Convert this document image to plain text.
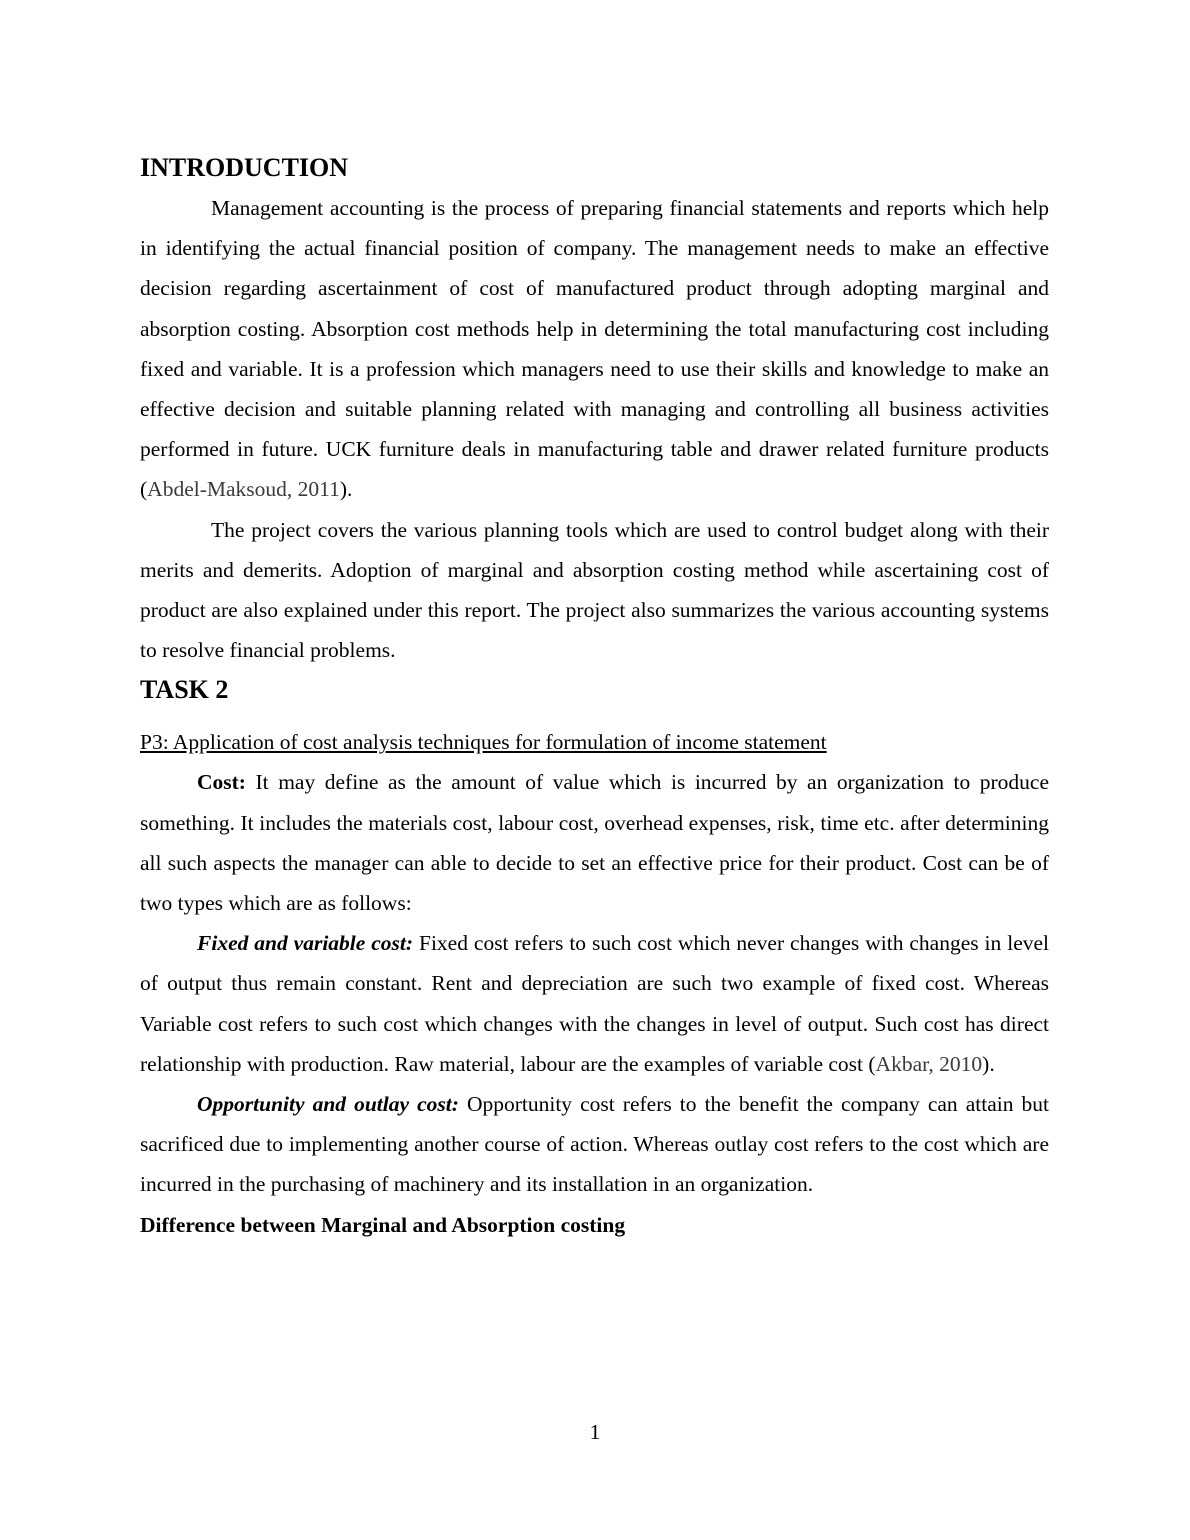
INTRODUCTION

Management accounting is the process of preparing financial statements and reports which help in identifying the actual financial position of company. The management needs to make an effective decision regarding ascertainment of cost of manufactured product through adopting marginal and absorption costing. Absorption cost methods help in determining the total manufacturing cost including fixed and variable. It is a profession which managers need to use their skills and knowledge to make an effective decision and suitable planning related with managing and controlling all business activities performed in future. UCK furniture deals in manufacturing table and drawer related furniture products (Abdel-Maksoud, 2011).

The project covers the various planning tools which are used to control budget along with their merits and demerits. Adoption of marginal and absorption costing method while ascertaining cost of product are also explained under this report. The project also summarizes the various accounting systems to resolve financial problems.

TASK 2

P3: Application of cost analysis techniques for formulation of income statement

Cost: It may define as the amount of value which is incurred by an organization to produce something. It includes the materials cost, labour cost, overhead expenses, risk, time etc. after determining all such aspects the manager can able to decide to set an effective price for their product. Cost can be of two types which are as follows:

Fixed and variable cost: Fixed cost refers to such cost which never changes with changes in level of output thus remain constant. Rent and depreciation are such two example of fixed cost. Whereas Variable cost refers to such cost which changes with the changes in level of output. Such cost has direct relationship with production. Raw material, labour are the examples of variable cost (Akbar, 2010).

Opportunity and outlay cost: Opportunity cost refers to the benefit the company can attain but sacrificed due to implementing another course of action. Whereas outlay cost refers to the cost which are incurred in the purchasing of machinery and its installation in an organization.

Difference between Marginal and Absorption costing

1
